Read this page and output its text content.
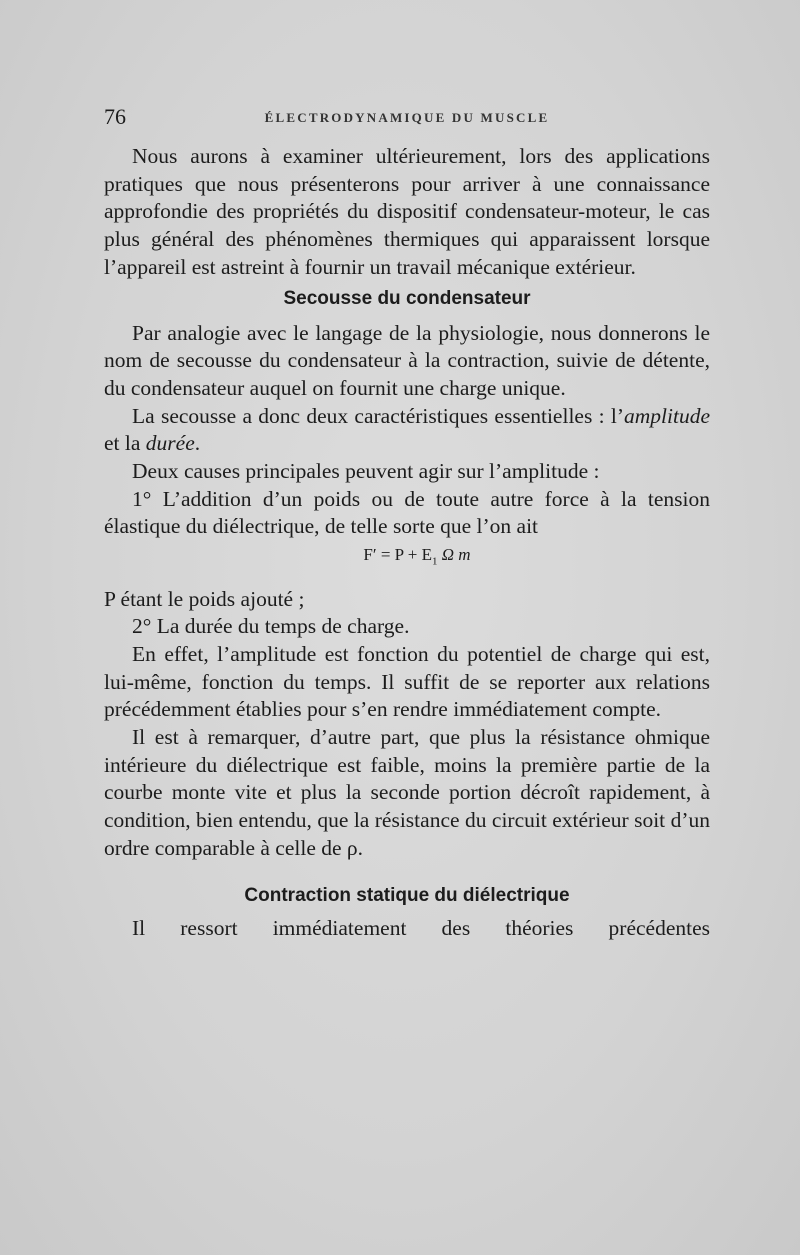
76	ÉLECTRODYNAMIQUE DU MUSCLE

Nous aurons à examiner ultérieurement, lors des applications pratiques que nous présenterons pour arriver à une connaissance approfondie des propriétés du dispositif condensateur-moteur, le cas plus général des phénomènes thermiques qui apparaissent lorsque l’appareil est astreint à fournir un travail mécanique extérieur.

Secousse du condensateur

Par analogie avec le langage de la physiologie, nous donnerons le nom de secousse du condensateur à la contraction, suivie de détente, du condensateur auquel on fournit une charge unique.

La secousse a donc deux caractéristiques essentielles : l’amplitude et la durée.

Deux causes principales peuvent agir sur l’amplitude :

1° L’addition d’un poids ou de toute autre force à la tension élastique du diélectrique, de telle sorte que l’on ait

$F' = P + E_1$ Ω m

P étant le poids ajouté ;

2° La durée du temps de charge.

En effet, l’amplitude est fonction du potentiel de charge qui est, lui-même, fonction du temps. Il suffit de se reporter aux relations précédemment établies pour s’en rendre immédiatement compte.

Il est à remarquer, d’autre part, que plus la résistance ohmique intérieure du diélectrique est faible, moins la première partie de la courbe monte vite et plus la seconde portion décroît rapidement, à condition, bien entendu, que la résistance du circuit extérieur soit d’un ordre comparable à celle de ρ.

Contraction statique du diélectrique

Il ressort immédiatement des théories précédentes
